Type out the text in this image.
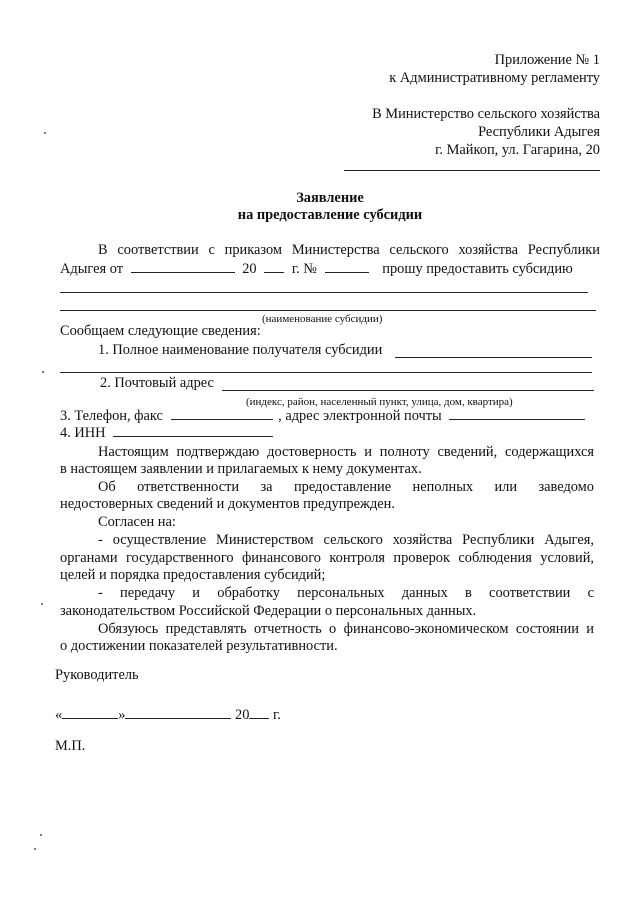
Приложение № 1
к Административному регламенту
В Министерство сельского хозяйства
Республики Адыгея
г. Майкоп, ул. Гагарина, 20
Заявление
на предоставление субсидии
В соответствии с приказом Министерства сельского хозяйства Республики
Адыгея от	20 г. №	прошу предоставить субсидию
(наименование субсидии)
Сообщаем следующие сведения:
1. Полное наименование получателя субсидии
2. Почтовый адрес
(индекс, район, населенный пункт, улица, дом, квартира)
3. Телефон, факс	, адрес электронной почты
4. ИНН
Настоящим подтверждаю достоверность и полноту сведений, содержащихся
в настоящем заявлении и прилагаемых к нему документах.
Об ответственности за предоставление неполных или заведомо
недостоверных сведений и документов предупрежден.
Согласен на:
- осуществление Министерством сельского хозяйства Республики Адыгея,
органами государственного финансового контроля проверок соблюдения условий,
целей и порядка предоставления субсидий;
- передачу и обработку персональных данных в соответствии с
законодательством Российской Федерации о персональных данных.
Обязуюсь представлять отчетность о финансово-экономическом состоянии и
о достижении показателей результативности.
Руководитель
«	»	20 г.
М.П.
